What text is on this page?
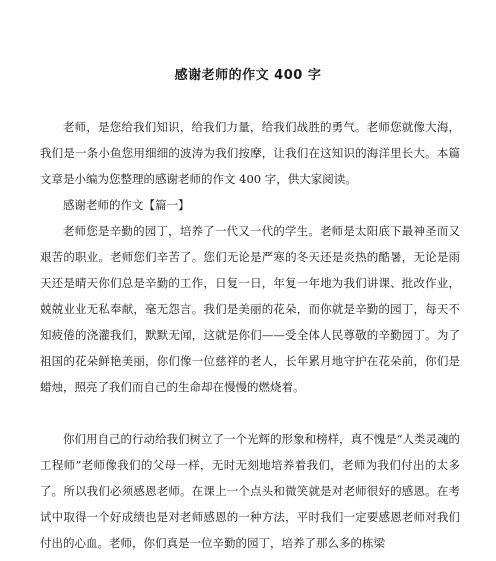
感谢老师的作文 400 字

老师，是您给我们知识，给我们力量，给我们战胜的勇气。老师您就像大海，我们是一条小鱼您用细细的波涛为我们按摩，让我们在这知识的海洋里长大。本篇文章是小编为您整理的感谢老师的作文 400 字，供大家阅读。

感谢老师的作文【篇一】

老师您是辛勤的园丁，培养了一代又一代的学生。老师是太阳底下最神圣而又艰苦的职业。老师您们辛苦了。您们无论是严寒的冬天还是炎热的酷暑，无论是雨天还是晴天你们总是辛勤的工作，日复一日，年复一年地为我们讲课、批改作业，兢兢业业无私奉献，毫无怨言。我们是美丽的花朵，而你就是辛勤的园丁，每天不知疲倦的浇灌我们，默默无闻，这就是你们——受全体人民尊敬的辛勤园丁。为了祖国的花朵鲜艳美丽，你们像一位慈祥的老人，长年累月地守护在花朵前，你们是蜡烛，照亮了我们而自己的生命却在慢慢的燃烧着。

你们用自己的行动给我们树立了一个光辉的形象和榜样，真不愧是“人类灵魂的工程师”老师像我们的父母一样，无时无刻地培养着我们，老师为我们付出的太多了。所以我们必须感恩老师。在课上一个点头和微笑就是对老师很好的感恩。在考试中取得一个好成绩也是对老师感恩的一种方法，平时我们一定要感恩老师对我们付出的心血。老师，你们真是一位辛勤的园丁，培养了那么多的栋梁
